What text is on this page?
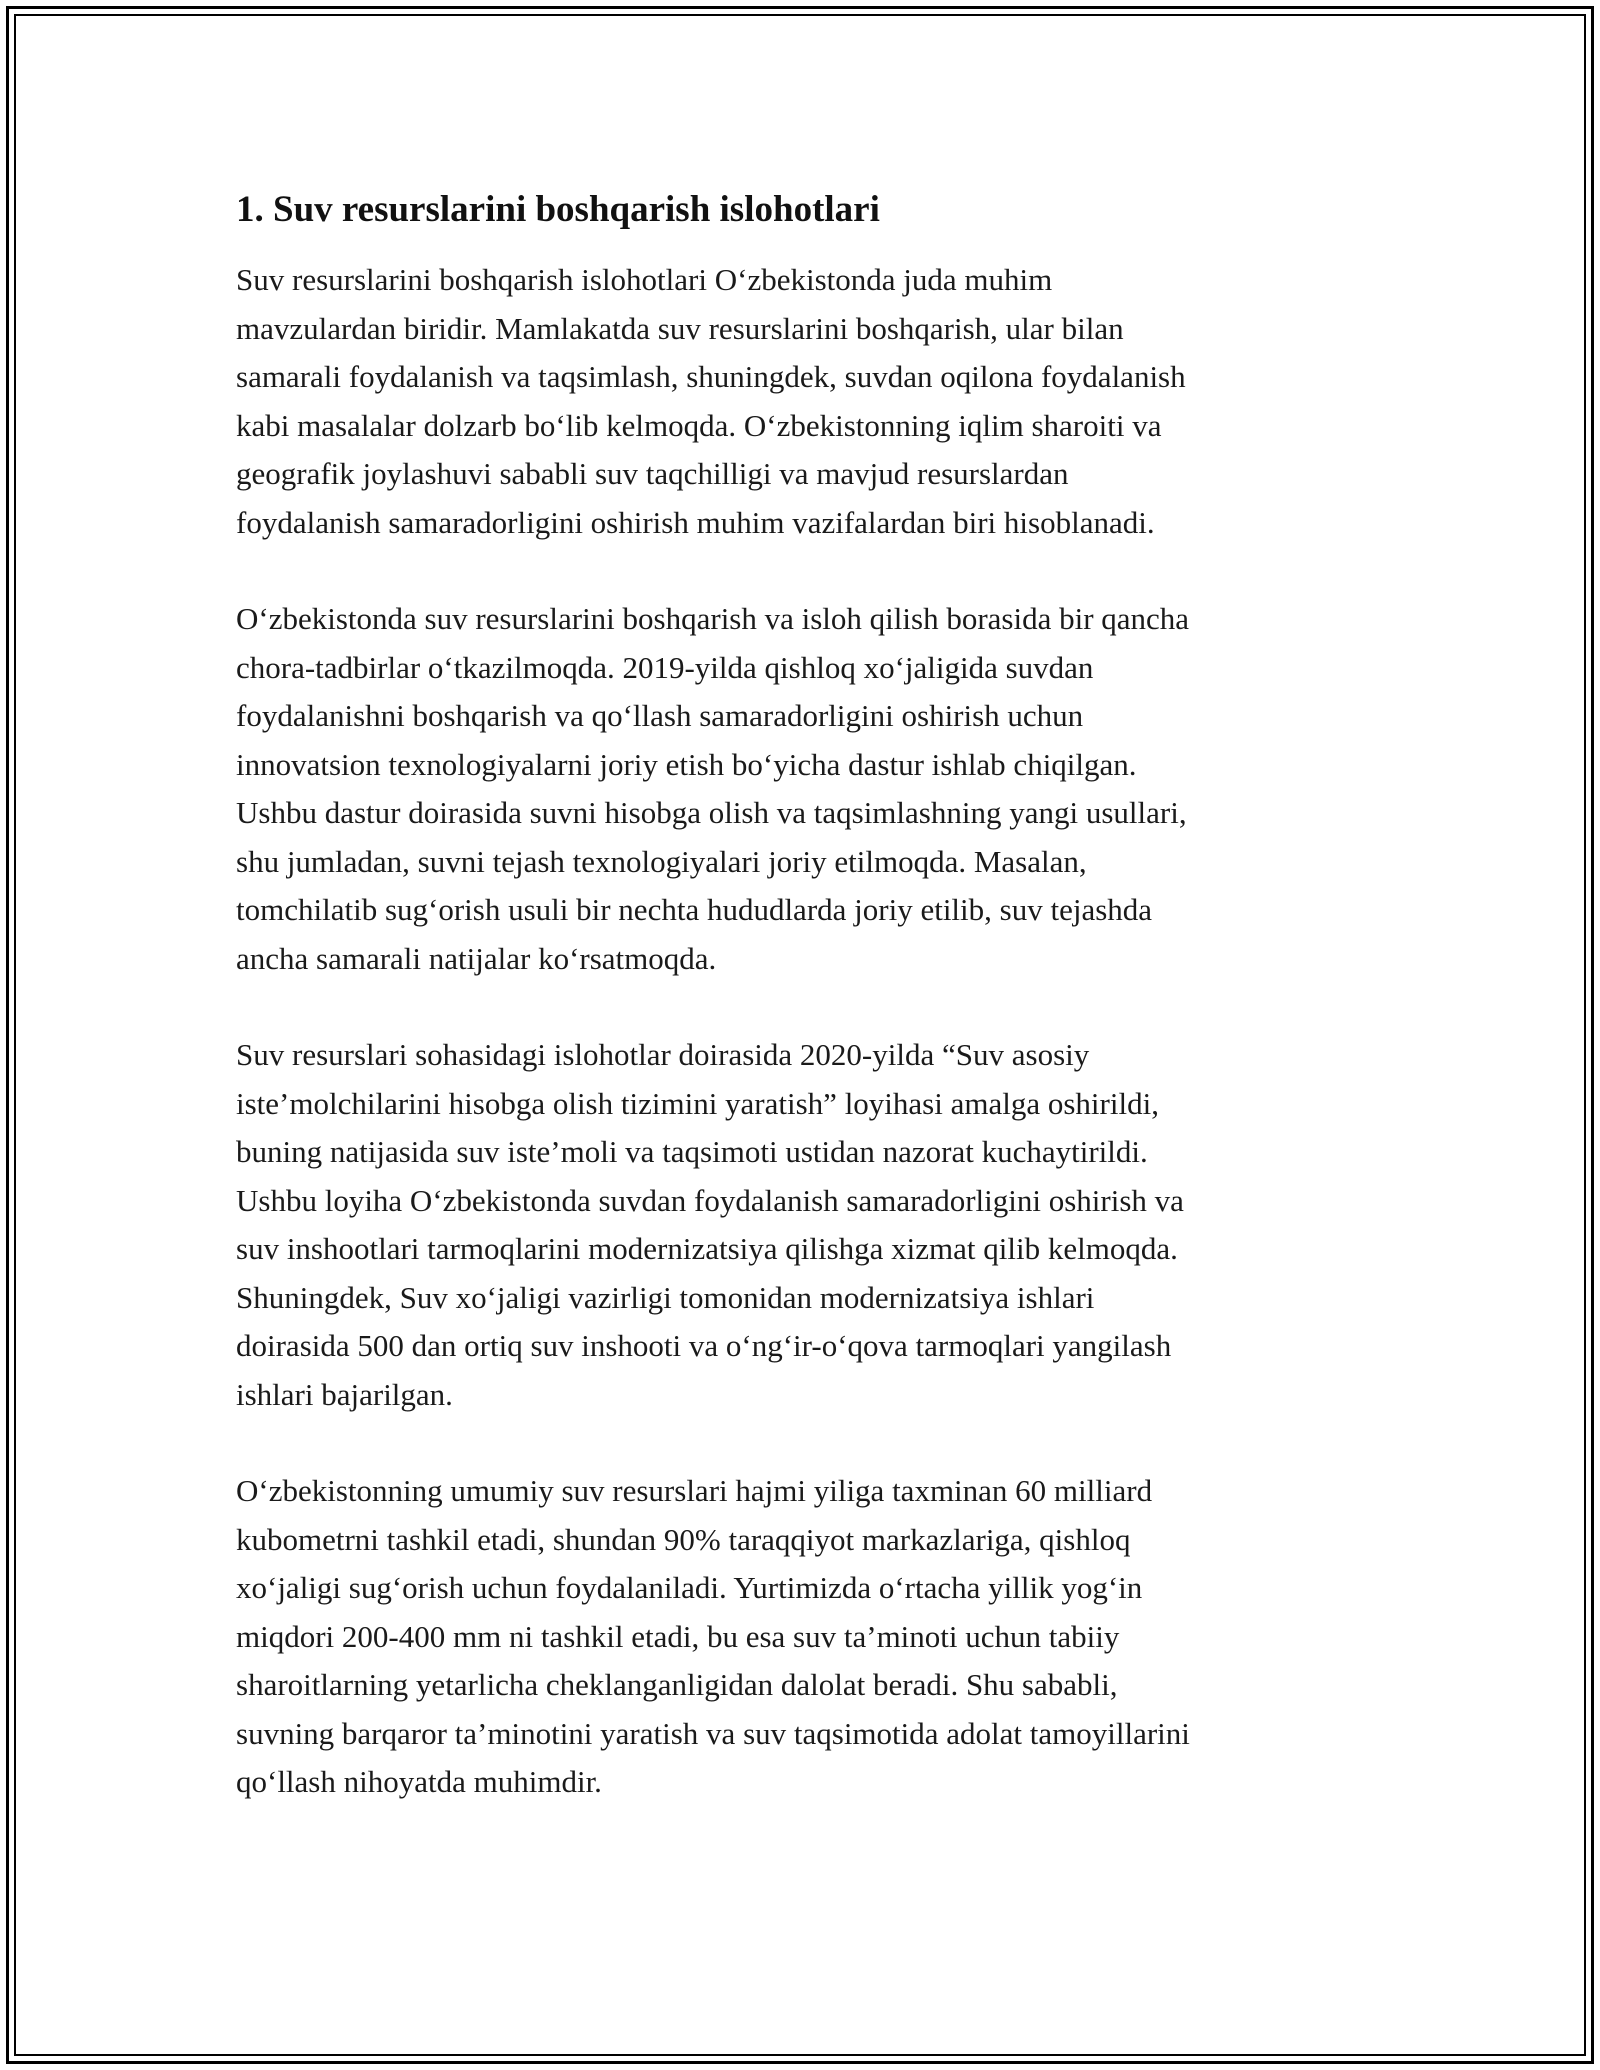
1. Suv resurslarini boshqarish islohotlari

Suv resurslarini boshqarish islohotlari O‘zbekistonda juda muhim
mavzulardan biridir. Mamlakatda suv resurslarini boshqarish, ular bilan
samarali foydalanish va taqsimlash, shuningdek, suvdan oqilona foydalanish
kabi masalalar dolzarb bo‘lib kelmoqda. O‘zbekistonning iqlim sharoiti va
geografik joylashuvi sababli suv taqchilligi va mavjud resurslardan
foydalanish samaradorligini oshirish muhim vazifalardan biri hisoblanadi.

O‘zbekistonda suv resurslarini boshqarish va isloh qilish borasida bir qancha
chora-tadbirlar o‘tkazilmoqda. 2019-yilda qishloq xo‘jaligida suvdan
foydalanishni boshqarish va qo‘llash samaradorligini oshirish uchun
innovatsion texnologiyalarni joriy etish bo‘yicha dastur ishlab chiqilgan.
Ushbu dastur doirasida suvni hisobga olish va taqsimlashning yangi usullari,
shu jumladan, suvni tejash texnologiyalari joriy etilmoqda. Masalan,
tomchilatib sug‘orish usuli bir nechta hududlarda joriy etilib, suv tejashda
ancha samarali natijalar ko‘rsatmoqda.

Suv resurslari sohasidagi islohotlar doirasida 2020-yilda “Suv asosiy
iste’molchilarini hisobga olish tizimini yaratish” loyihasi amalga oshirildi,
buning natijasida suv iste’moli va taqsimoti ustidan nazorat kuchaytirildi.
Ushbu loyiha O‘zbekistonda suvdan foydalanish samaradorligini oshirish va
suv inshootlari tarmoqlarini modernizatsiya qilishga xizmat qilib kelmoqda.
Shuningdek, Suv xo‘jaligi vazirligi tomonidan modernizatsiya ishlari
doirasida 500 dan ortiq suv inshooti va o‘ng‘ir-o‘qova tarmoqlari yangilash
ishlari bajarilgan.

O‘zbekistonning umumiy suv resurslari hajmi yiliga taxminan 60 milliard
kubometrni tashkil etadi, shundan 90% taraqqiyot markazlariga, qishloq
xo‘jaligi sug‘orish uchun foydalaniladi. Yurtimizda o‘rtacha yillik yog‘in
miqdori 200-400 mm ni tashkil etadi, bu esa suv ta’minoti uchun tabiiy
sharoitlarning yetarlicha cheklanganligidan dalolat beradi. Shu sababli,
suvning barqaror ta’minotini yaratish va suv taqsimotida adolat tamoyillarini
qo‘llash nihoyatda muhimdir.
